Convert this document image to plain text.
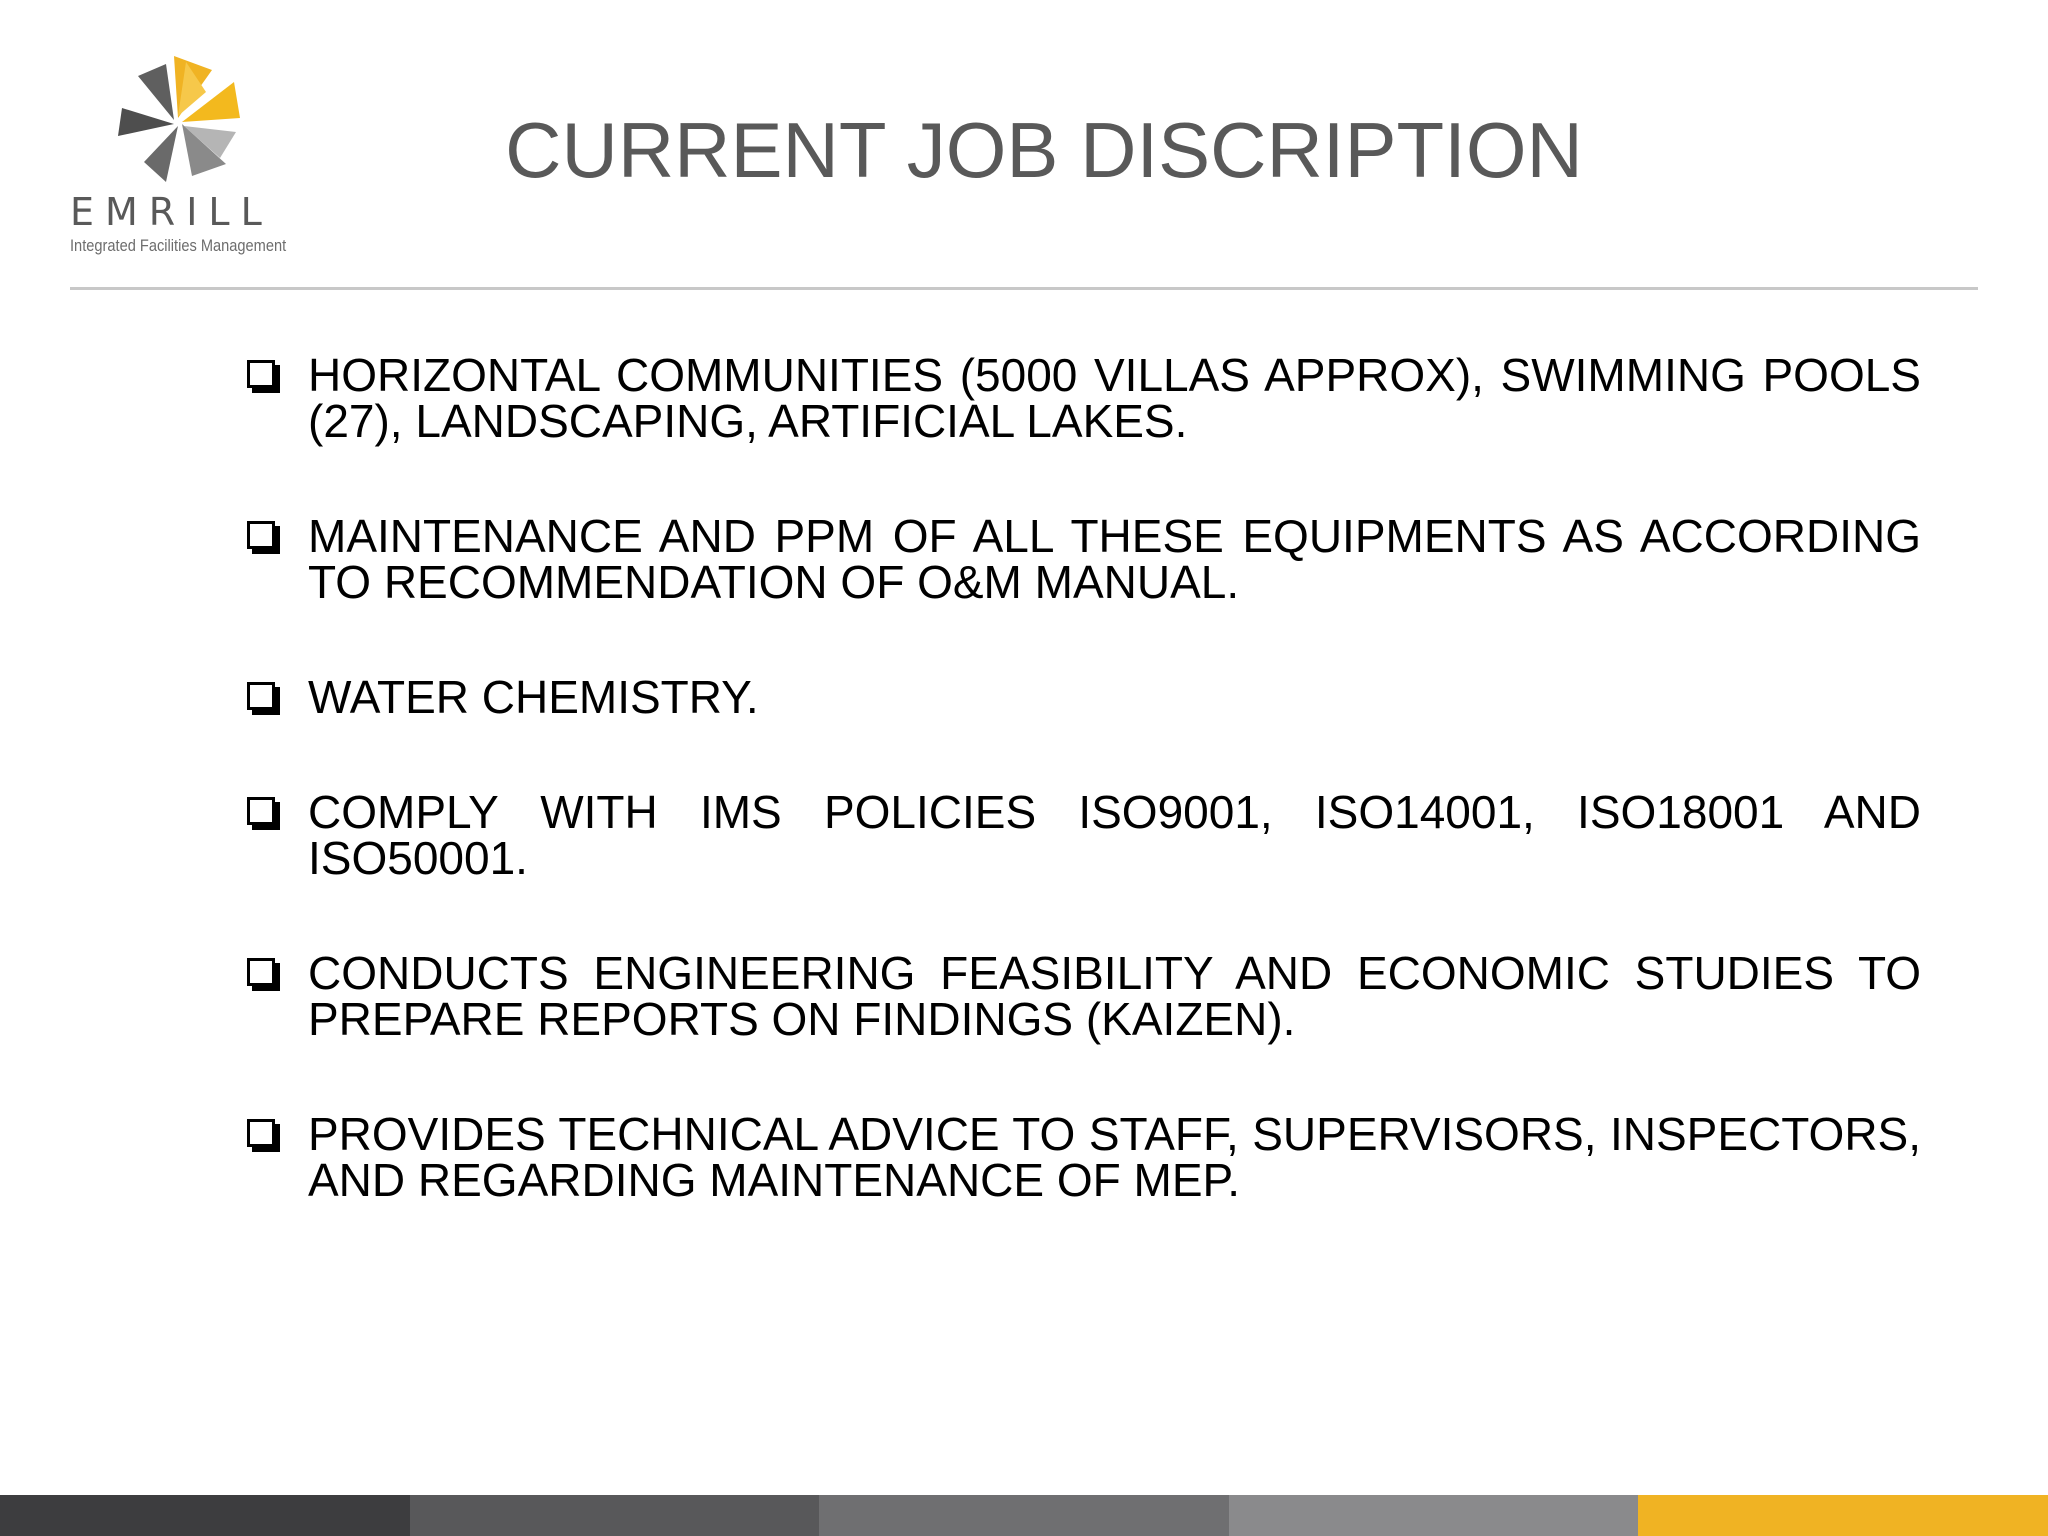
EMRILL
Integrated Facilities Management
CURRENT JOB DISCRIPTION
HORIZONTAL COMMUNITIES (5000 VILLAS APPROX), SWIMMING POOLS (27), LANDSCAPING, ARTIFICIAL LAKES.
MAINTENANCE AND PPM OF ALL THESE EQUIPMENTS AS ACCORDING TO RECOMMENDATION OF O&M MANUAL.
WATER CHEMISTRY.
COMPLY WITH IMS POLICIES ISO9001, ISO14001, ISO18001 AND ISO50001.
CONDUCTS ENGINEERING FEASIBILITY AND ECONOMIC STUDIES TO PREPARE REPORTS ON FINDINGS (KAIZEN).
PROVIDES TECHNICAL ADVICE TO STAFF, SUPERVISORS, INSPECTORS, AND REGARDING MAINTENANCE OF MEP.
